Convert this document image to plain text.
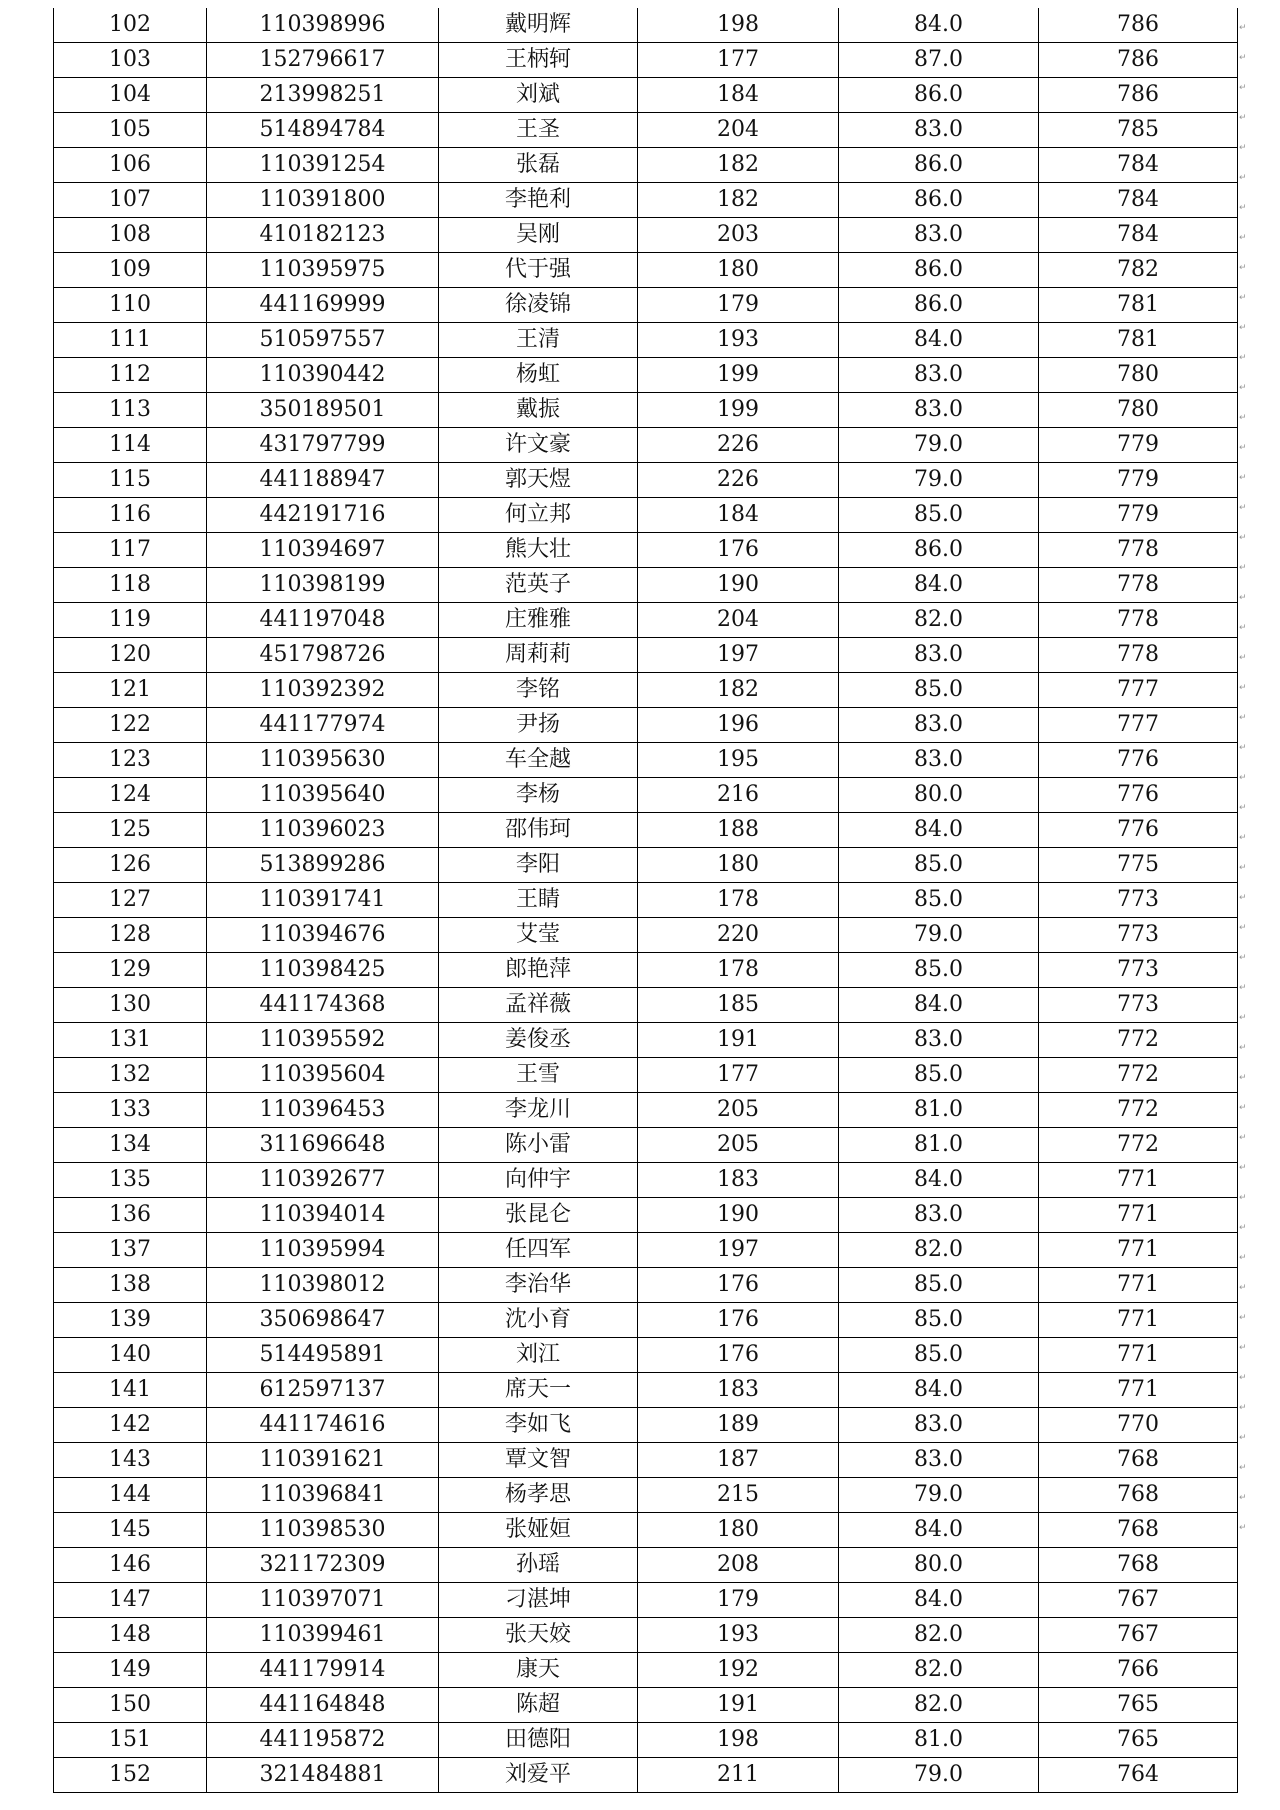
102	110398996	戴明辉	198	84.0	786
103	152796617	王柄轲	177	87.0	786
104	213998251	刘斌	184	86.0	786
105	514894784	王圣	204	83.0	785
106	110391254	张磊	182	86.0	784
107	110391800	李艳利	182	86.0	784
108	410182123	吴刚	203	83.0	784
109	110395975	代于强	180	86.0	782
110	441169999	徐凌锦	179	86.0	781
111	510597557	王清	193	84.0	781
112	110390442	杨虹	199	83.0	780
113	350189501	戴振	199	83.0	780
114	431797799	许文豪	226	79.0	779
115	441188947	郭天煜	226	79.0	779
116	442191716	何立邦	184	85.0	779
117	110394697	熊大壮	176	86.0	778
118	110398199	范英子	190	84.0	778
119	441197048	庄雅雅	204	82.0	778
120	451798726	周莉莉	197	83.0	778
121	110392392	李铭	182	85.0	777
122	441177974	尹扬	196	83.0	777
123	110395630	车全越	195	83.0	776
124	110395640	李杨	216	80.0	776
125	110396023	邵伟珂	188	84.0	776
126	513899286	李阳	180	85.0	775
127	110391741	王睛	178	85.0	773
128	110394676	艾莹	220	79.0	773
129	110398425	郎艳萍	178	85.0	773
130	441174368	孟祥薇	185	84.0	773
131	110395592	姜俊丞	191	83.0	772
132	110395604	王雪	177	85.0	772
133	110396453	李龙川	205	81.0	772
134	311696648	陈小雷	205	81.0	772
135	110392677	向仲宇	183	84.0	771
136	110394014	张昆仑	190	83.0	771
137	110395994	任四军	197	82.0	771
138	110398012	李治华	176	85.0	771
139	350698647	沈小育	176	85.0	771
140	514495891	刘江	176	85.0	771
141	612597137	席天一	183	84.0	771
142	441174616	李如飞	189	83.0	770
143	110391621	覃文智	187	83.0	768
144	110396841	杨孝思	215	79.0	768
145	110398530	张娅姮	180	84.0	768
146	321172309	孙瑶	208	80.0	768
147	110397071	刁湛坤	179	84.0	767
148	110399461	张天姣	193	82.0	767
149	441179914	康天	192	82.0	766
150	441164848	陈超	191	82.0	765
151	441195872	田德阳	198	81.0	765
152	321484881	刘爱平	211	79.0	764
↵
↵
↵
↵
↵
↵
↵
↵
↵
↵
↵
↵
↵
↵
↵
↵
↵
↵
↵
↵
↵
↵
↵
↵
↵
↵
↵
↵
↵
↵
↵
↵
↵
↵
↵
↵
↵
↵
↵
↵
↵
↵
↵
↵
↵
↵
↵
↵
↵
↵
↵
